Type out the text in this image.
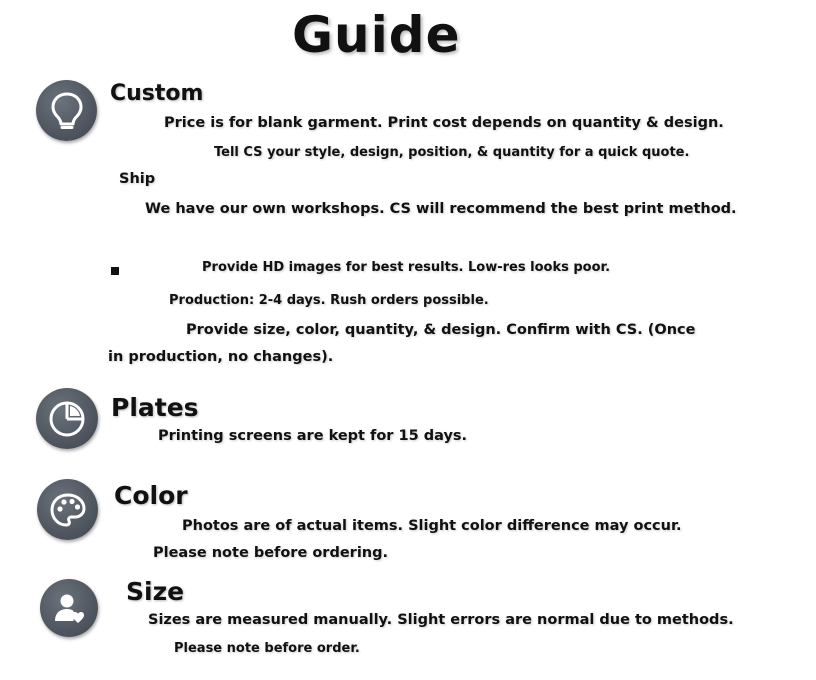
Guide
Custom
Price is for blank garment. Print cost depends on quantity & design.
Tell CS your style, design, position, & quantity for a quick quote.
Ship
We have our own workshops. CS will recommend the best print method.
Provide HD images for best results. Low-res looks poor.
Production: 2-4 days. Rush orders possible.
Provide size, color, quantity, & design. Confirm with CS. (Once
in production, no changes).
Plates
Printing screens are kept for 15 days.
Color
Photos are of actual items. Slight color difference may occur.
Please note before ordering.
Size
Sizes are measured manually. Slight errors are normal due to methods.
Please note before order.
